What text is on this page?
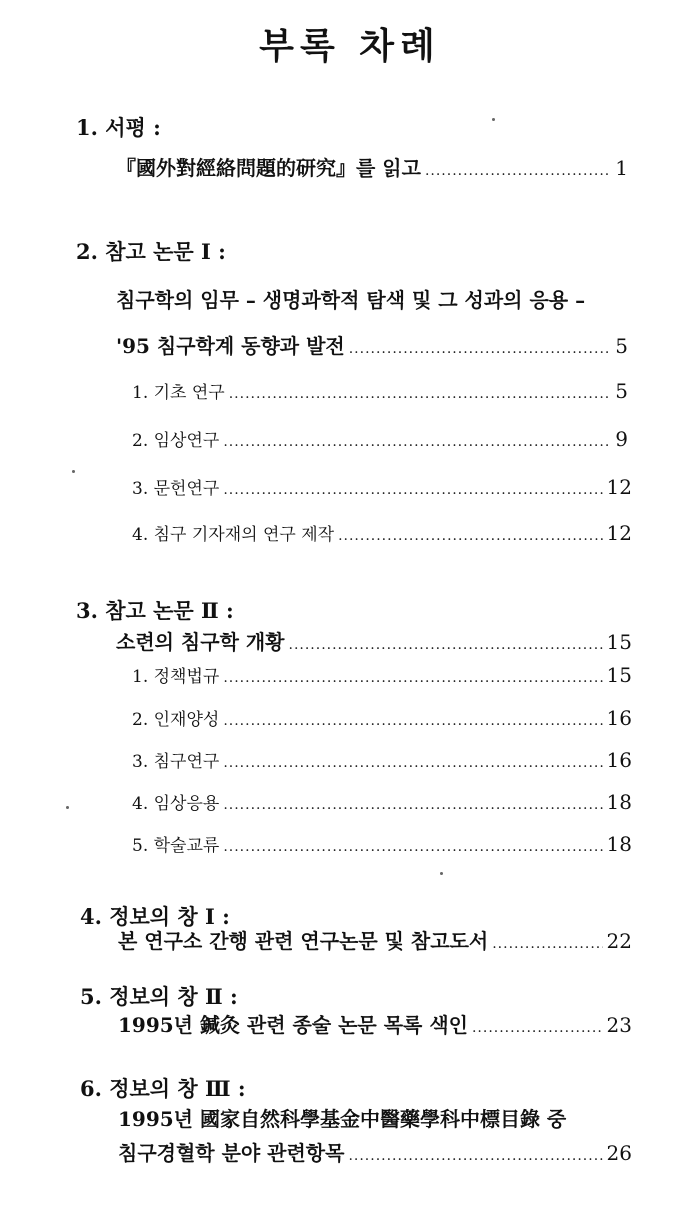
부록 차례
1. 서평 :
『國外對經絡問題的研究』를 읽고 .....	1
2. 참고 논문 Ⅰ :
침구학의 임무 – 생명과학적 탐색 및 그 성과의 응용 –
'95 침구학계 동향과 발전 .....	5
1. 기초 연구 .....	5
2. 임상연구 .....	9
3. 문헌연구 .....	12
4. 침구 기자재의 연구 제작 .....	12
3. 참고 논문 Ⅱ :
소련의 침구학 개황 .....	15
1. 정책법규 .....	15
2. 인재양성 .....	16
3. 침구연구 .....	16
4. 임상응용 .....	18
5. 학술교류 .....	18
4. 정보의 창 Ⅰ :
본 연구소 간행 관련 연구논문 및 참고도서 .....	22
5. 정보의 창 Ⅱ :
1995년 鍼灸 관련 종술 논문 목록 색인 .....	23
6. 정보의 창 Ⅲ :
1995년 國家自然科學基金中醫藥學科中標目錄 중
침구경혈학 분야 관련항목 .....	26
